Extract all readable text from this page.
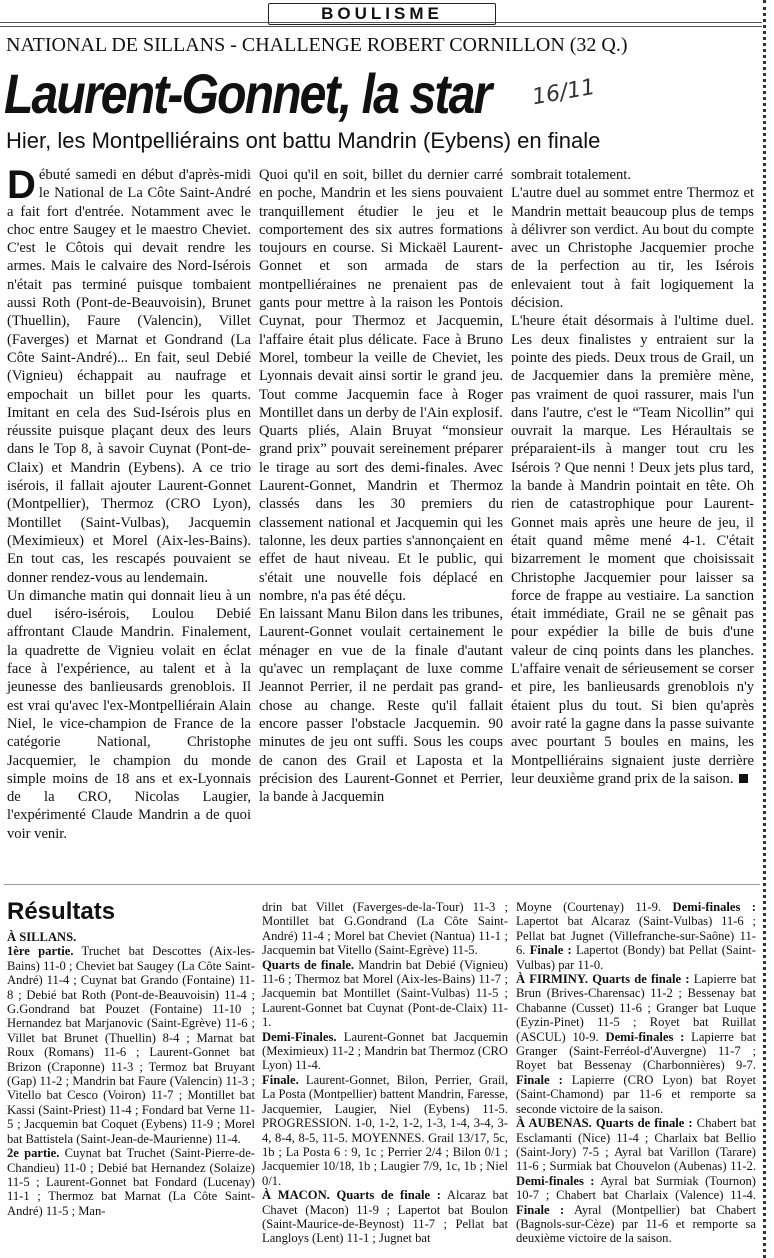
BOULISME
NATIONAL DE SILLANS - CHALLENGE ROBERT CORNILLON (32 Q.)
Laurent-Gonnet, la star 16/11
Hier, les Montpelliérains ont battu Mandrin (Eybens) en finale

Débuté samedi en début d'après-midi le National de La Côte Saint-André a fait fort d'entrée. Notamment avec le choc entre Saugey et le maestro Cheviet. C'est le Côtois qui devait rendre les armes. Mais le calvaire des Nord-Isérois n'était pas terminé puisque tombaient aussi Roth (Pont-de-Beauvoisin), Brunet (Thuellin), Faure (Valencin), Villet (Faverges) et Marnat et Gondrand (La Côte Saint-André)... En fait, seul Debié (Vignieu) échappait au naufrage et empochait un billet pour les quarts. Imitant en cela des Sud-Isérois plus en réussite puisque plaçant deux des leurs dans le Top 8, à savoir Cuynat (Pont-de-Claix) et Mandrin (Eybens). A ce trio isérois, il fallait ajouter Laurent-Gonnet (Montpellier), Thermoz (CRO Lyon), Montillet (Saint-Vulbas), Jacquemin (Meximieux) et Morel (Aix-les-Bains). En tout cas, les rescapés pouvaient se donner rendez-vous au lendemain.

Un dimanche matin qui donnait lieu à un duel iséro-isérois, Loulou Debié affrontant Claude Mandrin. Finalement, la quadrette de Vignieu volait en éclat face à l'expérience, au talent et à la jeunesse des banlieusards grenoblois. Il est vrai qu'avec l'ex-Montpelliérain Alain Niel, le vice-champion de France de la catégorie National, Christophe Jacquemier, le champion du monde simple moins de 18 ans et ex-Lyonnais de la CRO, Nicolas Laugier, l'expérimenté Claude Mandrin a de quoi voir venir.

Quoi qu'il en soit, billet du dernier carré en poche, Mandrin et les siens pouvaient tranquillement étudier le jeu et le comportement des six autres formations toujours en course. Si Mickaël Laurent-Gonnet et son armada de stars montpelliéraines ne prenaient pas de gants pour mettre à la raison les Pontois Cuynat, pour Thermoz et Jacquemin, l'affaire était plus délicate. Face à Bruno Morel, tombeur la veille de Cheviet, les Lyonnais devait ainsi sortir le grand jeu. Tout comme Jacquemin face à Roger Montillet dans un derby de l'Ain explosif.

Quarts pliés, Alain Bruyat “monsieur grand prix” pouvait sereinement préparer le tirage au sort des demi-finales. Avec Laurent-Gonnet, Mandrin et Thermoz classés dans les 30 premiers du classement national et Jacquemin qui les talonne, les deux parties s'annonçaient en effet de haut niveau. Et le public, qui s'était une nouvelle fois déplacé en nombre, n'a pas été déçu.

En laissant Manu Bilon dans les tribunes, Laurent-Gonnet voulait certainement le ménager en vue de la finale d'autant qu'avec un remplaçant de luxe comme Jeannot Perrier, il ne perdait pas grand-chose au change. Reste qu'il fallait encore passer l'obstacle Jacquemin. 90 minutes de jeu ont suffi. Sous les coups de canon des Grail et Laposta et la précision des Laurent-Gonnet et Perrier, la bande à Jacquemin

sombrait totalement.

L'autre duel au sommet entre Thermoz et Mandrin mettait beaucoup plus de temps à délivrer son verdict. Au bout du compte avec un Christophe Jacquemier proche de la perfection au tir, les Isérois enlevaient tout à fait logiquement la décision.

L'heure était désormais à l'ultime duel. Les deux finalistes y entraient sur la pointe des pieds. Deux trous de Grail, un de Jacquemier dans la première mène, pas vraiment de quoi rassurer, mais l'un dans l'autre, c'est le “Team Nicollin” qui ouvrait la marque. Les Héraultais se préparaient-ils à manger tout cru les Isérois ? Que nenni ! Deux jets plus tard, la bande à Mandrin pointait en tête. Oh rien de catastrophique pour Laurent-Gonnet mais après une heure de jeu, il était quand même mené 4-1. C'était bizarrement le moment que choisissait Christophe Jacquemier pour laisser sa force de frappe au vestiaire. La sanction était immédiate, Grail ne se gênait pas pour expédier la bille de buis d'une valeur de cinq points dans les planches. L'affaire venait de sérieusement se corser et pire, les banlieusards grenoblois n'y étaient plus du tout. Si bien qu'après avoir raté la gagne dans la passe suivante avec pourtant 5 boules en mains, les Montpelliérains signaient juste derrière leur deuxième grand prix de la saison.

Résultats

À SILLANS.

1ère partie. Truchet bat Descottes (Aix-les-Bains) 11-0 ; Cheviet bat Saugey (La Côte Saint-André) 11-4 ; Cuynat bat Grando (Fontaine) 11-8 ; Debié bat Roth (Pont-de-Beauvoisin) 11-4 ; G.Gondrand bat Pouzet (Fontaine) 11-10 ; Hernandez bat Marjanovic (Saint-Egrève) 11-6 ; Villet bat Brunet (Thuellin) 8-4 ; Marnat bat Roux (Romans) 11-6 ; Laurent-Gonnet bat Brizon (Craponne) 11-3 ; Termoz bat Bruyant (Gap) 11-2 ; Mandrin bat Faure (Valencin) 11-3 ; Vitello bat Cesco (Voiron) 11-7 ; Montillet bat Kassi (Saint-Priest) 11-4 ; Fondard bat Verne 11-5 ; Jacquemin bat Coquet (Eybens) 11-9 ; Morel bat Battistela (Saint-Jean-de-Maurienne) 11-4.

2e partie. Cuynat bat Truchet (Saint-Pierre-de-Chandieu) 11-0 ; Debié bat Hernandez (Solaize) 11-5 ; Laurent-Gonnet bat Fondard (Lucenay) 11-1 ; Thermoz bat Marnat (La Côte Saint-André) 11-5 ; Man-

drin bat Villet (Faverges-de-la-Tour) 11-3 ; Montillet bat G.Gondrand (La Côte Saint-André) 11-4 ; Morel bat Cheviet (Nantua) 11-1 ; Jacquemin bat Vitello (Saint-Egrève) 11-5.

Quarts de finale. Mandrin bat Debié (Vignieu) 11-6 ; Thermoz bat Morel (Aix-les-Bains) 11-7 ; Jacquemin bat Montillet (Saint-Vulbas) 11-5 ; Laurent-Gonnet bat Cuynat (Pont-de-Claix) 11-1.

Demi-Finales. Laurent-Gonnet bat Jacquemin (Meximieux) 11-2 ; Mandrin bat Thermoz (CRO Lyon) 11-4.

Finale. Laurent-Gonnet, Bilon, Perrier, Grail, La Posta (Montpellier) battent Mandrin, Faresse, Jacquemier, Laugier, Niel (Eybens) 11-5. PROGRESSION. 1-0, 1-2, 1-2, 1-3, 1-4, 3-4, 3-4, 8-4, 8-5, 11-5. MOYENNES. Grail 13/17, 5c, 1b ; La Posta 6 : 9, 1c ; Perrier 2/4 ; Bilon 0/1 ; Jacquemier 10/18, 1b ; Laugier 7/9, 1c, 1b ; Niel 0/1.

À MACON. Quarts de finale : Alcaraz bat Chavet (Macon) 11-9 ; Lapertot bat Boulon (Saint-Maurice-de-Beynost) 11-7 ; Pellat bat Langloys (Lent) 11-1 ; Jugnet bat

Moyne (Courtenay) 11-9. Demi-finales : Lapertot bat Alcaraz (Saint-Vulbas) 11-6 ; Pellat bat Jugnet (Villefranche-sur-Saône) 11-6. Finale : Lapertot (Bondy) bat Pellat (Saint-Vulbas) par 11-0.

À FIRMINY. Quarts de finale : Lapierre bat Brun (Brives-Charensac) 11-2 ; Bessenay bat Chabanne (Cusset) 11-6 ; Granger bat Luque (Eyzin-Pinet) 11-5 ; Royet bat Ruillat (ASCUL) 10-9. Demi-finales : Lapierre bat Granger (Saint-Ferréol-d'Auvergne) 11-7 ; Royet bat Bessenay (Charbonnières) 9-7. Finale : Lapierre (CRO Lyon) bat Royet (Saint-Chamond) par 11-6 et remporte sa seconde victoire de la saison.

À AUBENAS. Quarts de finale : Chabert bat Esclamanti (Nice) 11-4 ; Charlaix bat Bellio (Saint-Jory) 7-5 ; Ayral bat Varillon (Tarare) 11-6 ; Surmiak bat Chouvelon (Aubenas) 11-2. Demi-finales : Ayral bat Surmiak (Tournon) 10-7 ; Chabert bat Charlaix (Valence) 11-4. Finale : Ayral (Montpellier) bat Chabert (Bagnols-sur-Cèze) par 11-6 et remporte sa deuxième victoire de la saison.
